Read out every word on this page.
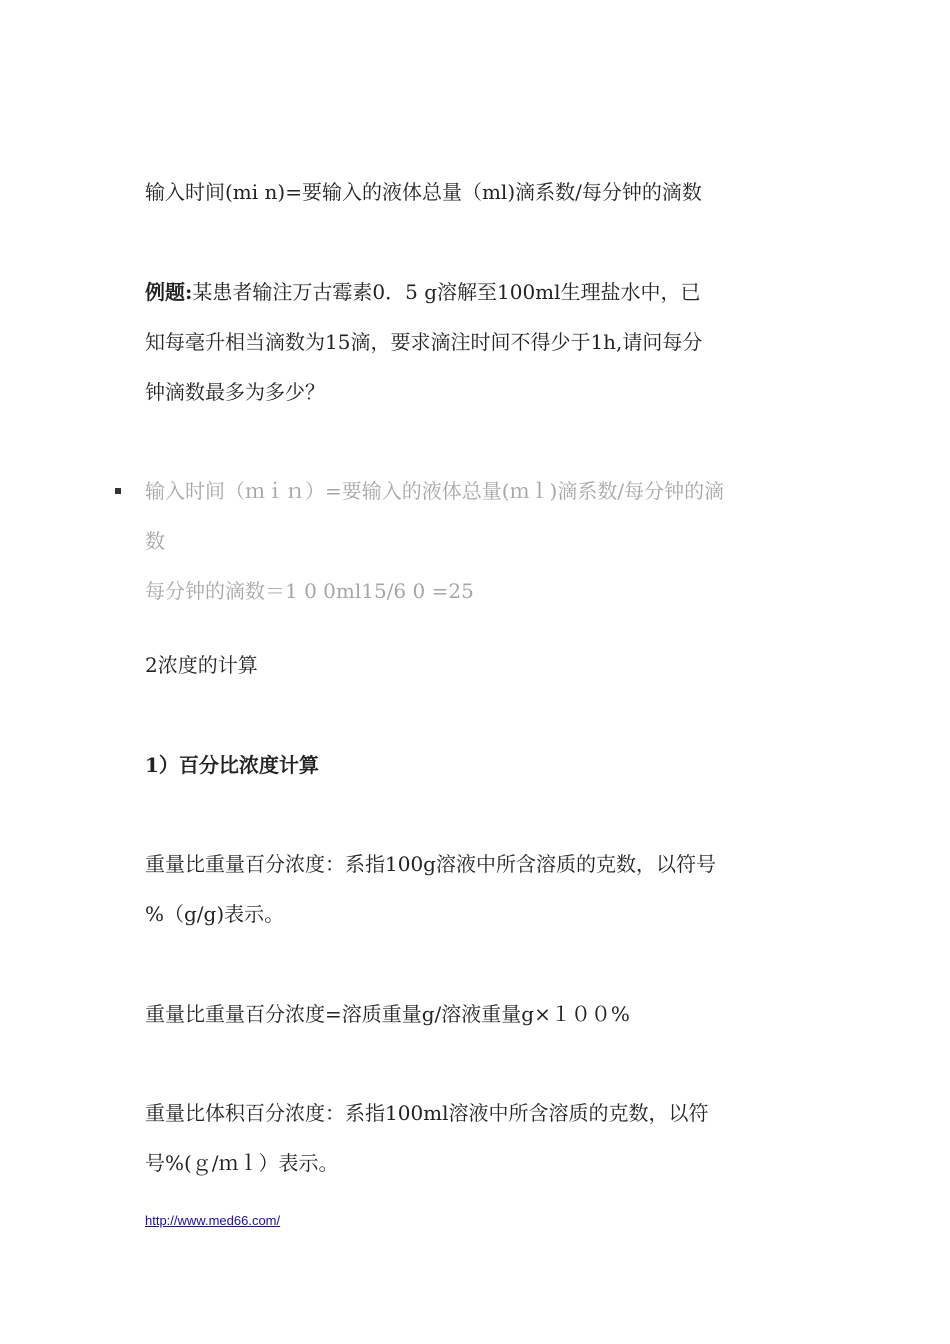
输入时间(mi n)=要输入的液体总量（ml)滴系数/每分钟的滴数
例题:某患者输注万古霉素0．5 g溶解至100ml生理盐水中，已
知每毫升相当滴数为15滴，要求滴注时间不得少于1h,请问每分
钟滴数最多为多少？
输入时间（ｍｉｎ）=要输入的液体总量(ｍｌ)滴系数/每分钟的滴
数
每分钟的滴数＝1 0 0ml15/6 0 =25
2浓度的计算
1）百分比浓度计算
重量比重量百分浓度：系指100g溶液中所含溶质的克数，以符号
%（g/g)表示。
重量比重量百分浓度=溶质重量g/溶液重量g×１００%
重量比体积百分浓度：系指100ml溶液中所含溶质的克数，以符
号%(ｇ/ｍｌ）表示。
http://www.med66.com/
